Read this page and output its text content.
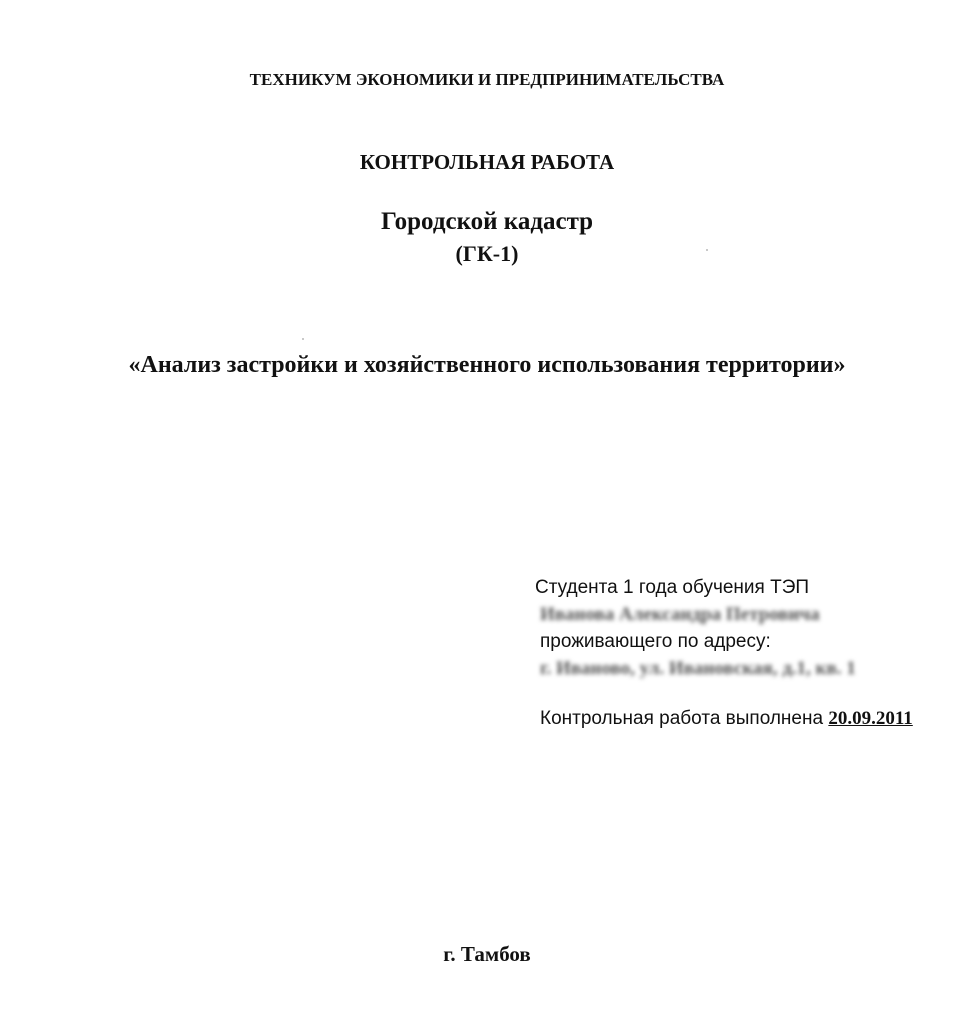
ТЕХНИКУМ ЭКОНОМИКИ И ПРЕДПРИНИМАТЕЛЬСТВА
КОНТРОЛЬНАЯ РАБОТА
Городской кадастр
(ГК-1)
«Анализ застройки и хозяйственного использования территории»
Студента 1 года обучения ТЭП
Иванова Александра Петровича
проживающего по адресу:
г. Иваново, ул. Ивановская, д.1, кв. 1
Контрольная работа выполнена 20.09.2011
г. Тамбов
